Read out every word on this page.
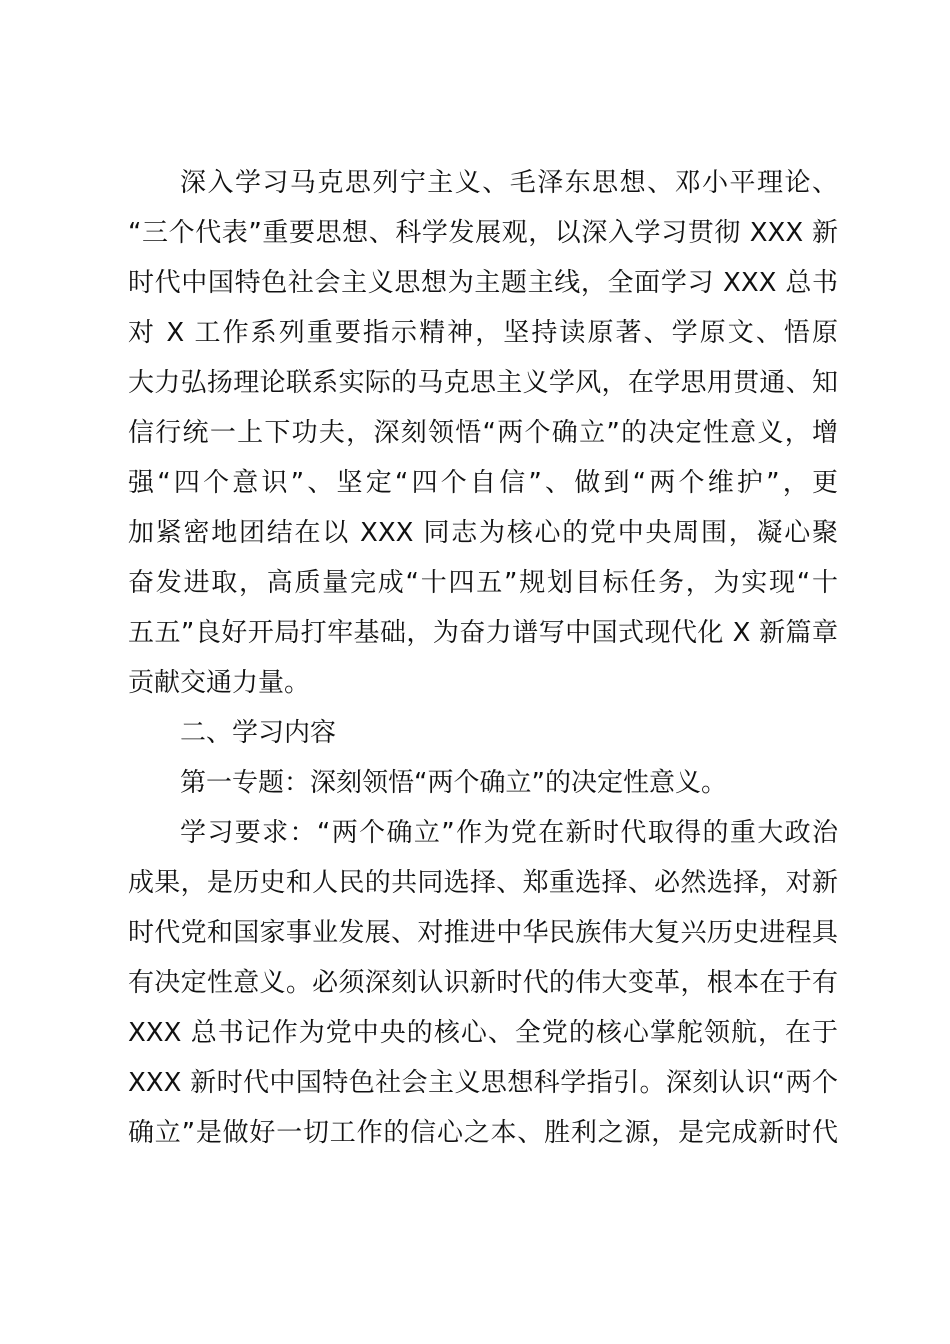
深入学习马克思列宁主义、毛泽东思想、邓小平理论、
“三个代表”重要思想、科学发展观，以深入学习贯彻 XXX 新
时代中国特色社会主义思想为主题主线，全面学习 XXX 总书
对 X 工作系列重要指示精神，坚持读原著、学原文、悟原
大力弘扬理论联系实际的马克思主义学风，在学思用贯通、知
信行统一上下功夫，深刻领悟“两个确立”的决定性意义，增
强“四个意识”、坚定“四个自信”、做到“两个维护”，更
加紧密地团结在以 XXX 同志为核心的党中央周围，凝心聚
奋发进取，高质量完成“十四五”规划目标任务，为实现“十
五五”良好开局打牢基础，为奋力谱写中国式现代化 X 新篇章
贡献交通力量。
二、学习内容
第一专题：深刻领悟“两个确立”的决定性意义。
学习要求：“两个确立”作为党在新时代取得的重大政治
成果，是历史和人民的共同选择、郑重选择、必然选择，对新
时代党和国家事业发展、对推进中华民族伟大复兴历史进程具
有决定性意义。必须深刻认识新时代的伟大变革，根本在于有
XXX 总书记作为党中央的核心、全党的核心掌舵领航，在于
XXX 新时代中国特色社会主义思想科学指引。深刻认识“两个
确立”是做好一切工作的信心之本、胜利之源，是完成新时代
